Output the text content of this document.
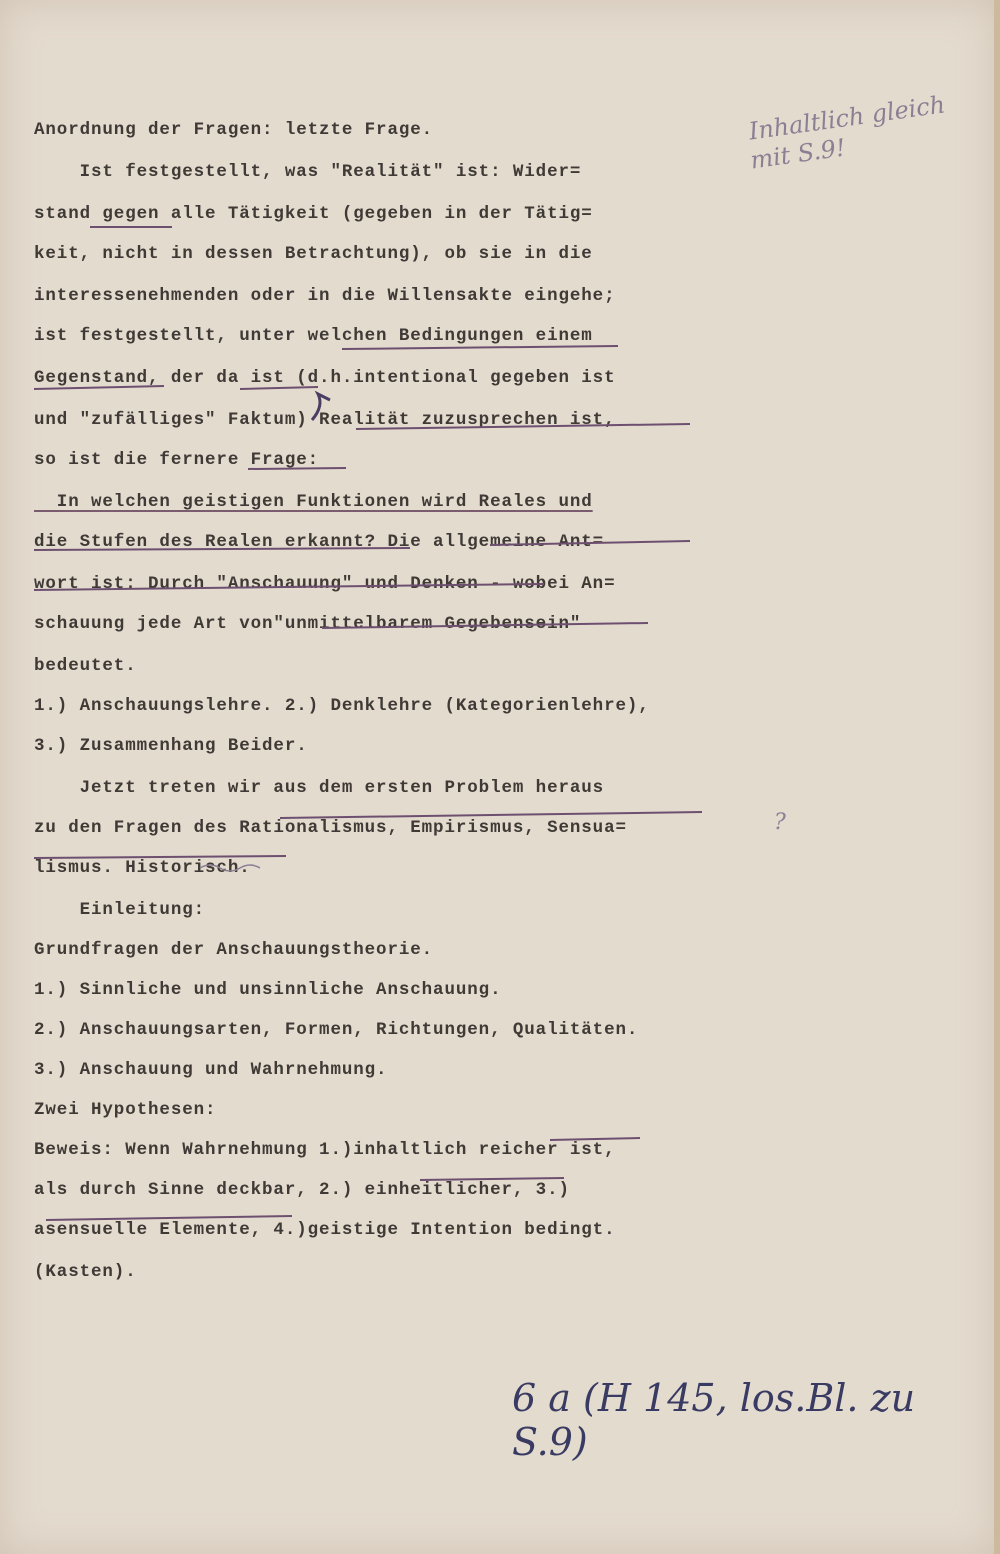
Anordnung der Fragen: letzte Frage.
Ist festgestellt, was "Realität" ist: Wider=
stand gegen alle Tätigkeit (gegeben in der Tätig=
keit, nicht in dessen Betrachtung), ob sie in die
interessenehmenden oder in die Willensakte eingehe;
ist festgestellt, unter welchen Bedingungen einem
Gegenstand, der da ist (d.h.intentional gegeben ist
und "zufälliges" Faktum) Realität zuzusprechen ist,
so ist die fernere Frage:
In welchen geistigen Funktionen wird Reales und
die Stufen des Realen erkannt? Die allgemeine Ant=
wort ist: Durch "Anschauung" und Denken - wobei An=
schauung jede Art von"unmittelbarem Gegebensein"
bedeutet.
1.) Anschauungslehre. 2.) Denklehre (Kategorienlehre),
3.) Zusammenhang Beider.
Jetzt treten wir aus dem ersten Problem heraus
zu den Fragen des Rationalismus, Empirismus, Sensua=
lismus. Historisch.
Einleitung:
Grundfragen der Anschauungstheorie.
1.) Sinnliche und unsinnliche Anschauung.
2.) Anschauungsarten, Formen, Richtungen, Qualitäten.
3.) Anschauung und Wahrnehmung.
Zwei Hypothesen:
Beweis: Wenn Wahrnehmung 1.)inhaltlich reicher ist,
als durch Sinne deckbar, 2.) einheitlicher, 3.)
asensuelle Elemente, 4.)geistige Intention bedingt.
(Kasten).
Inhaltlich gleich
mit S.9!
?
6 a (H 145, los.Bl. zu S.9)
